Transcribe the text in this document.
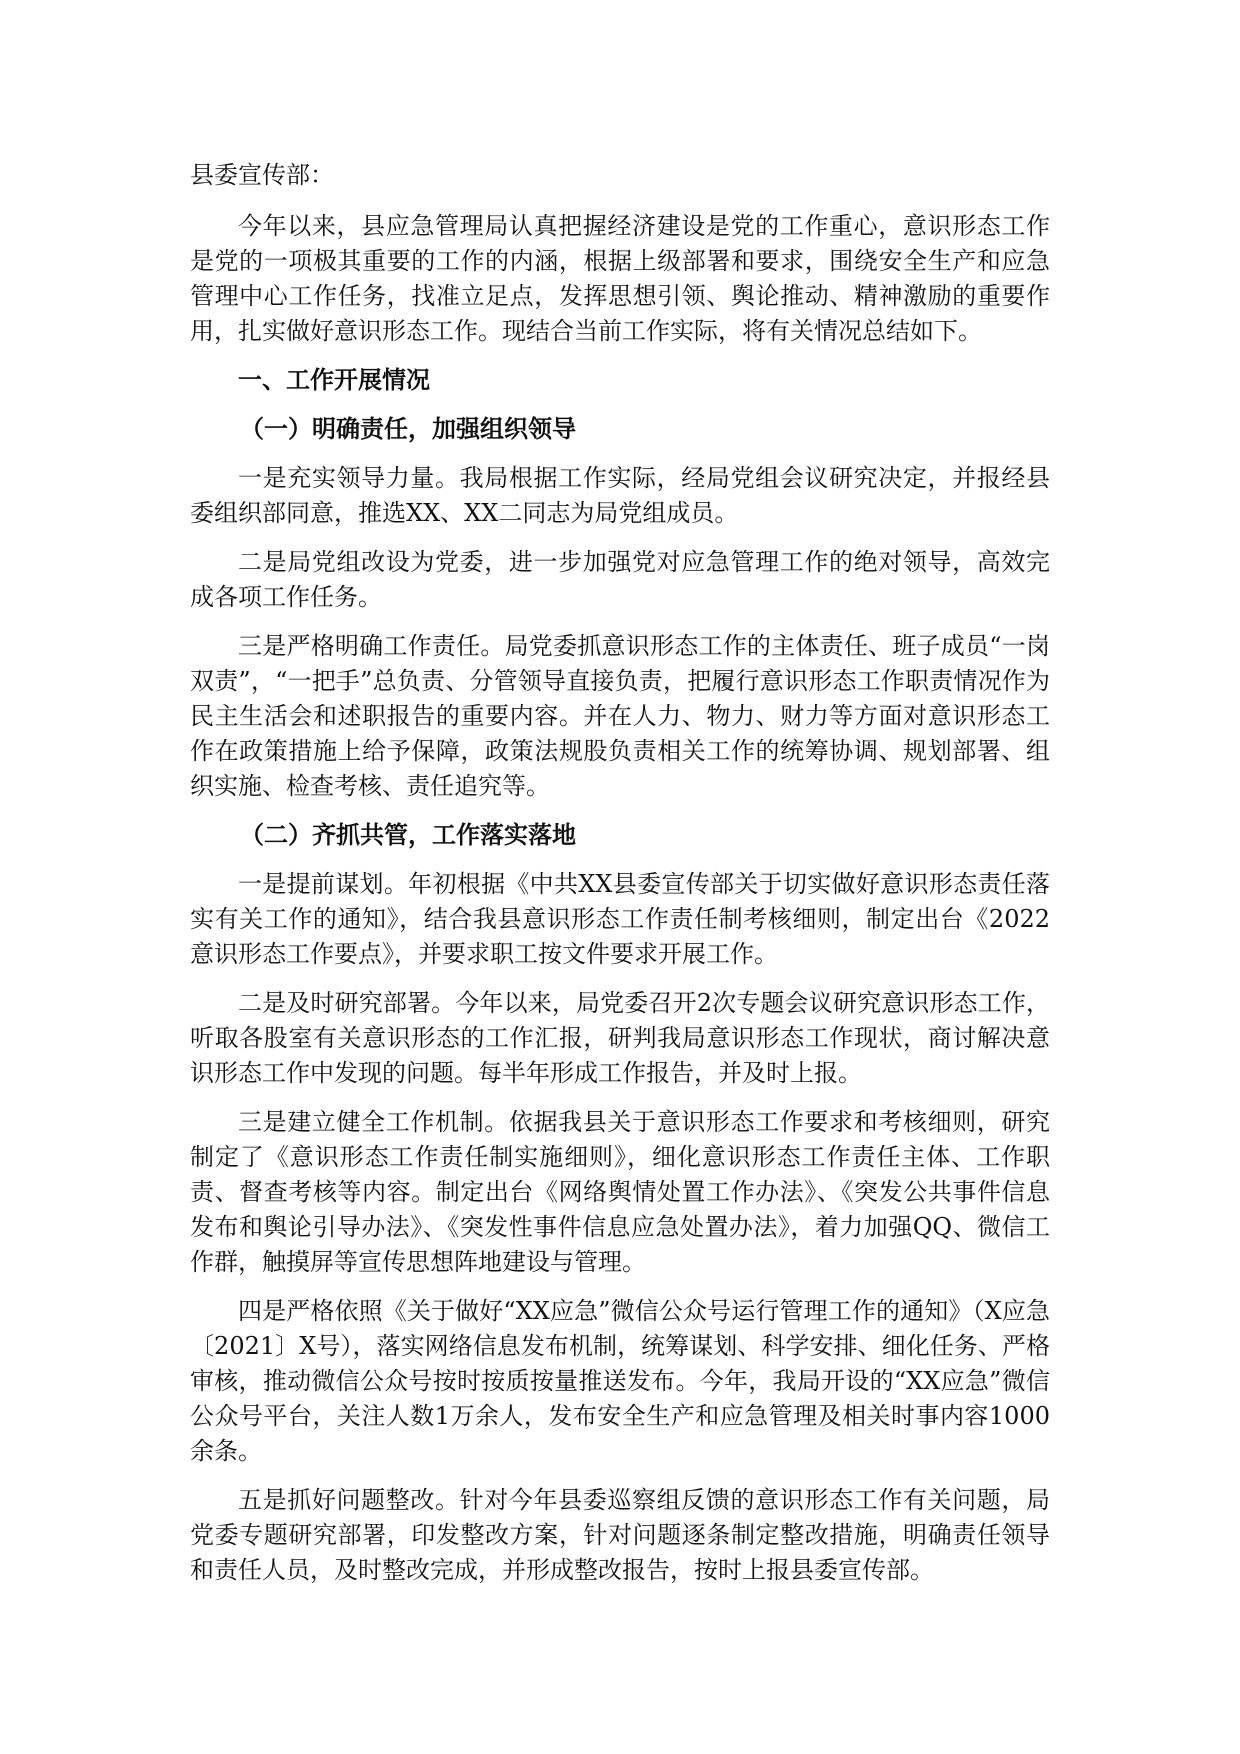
县委宣传部：

今年以来，县应急管理局认真把握经济建设是党的工作重心，意识形态工作是党的一项极其重要的工作的内涵，根据上级部署和要求，围绕安全生产和应急管理中心工作任务，找准立足点，发挥思想引领、舆论推动、精神激励的重要作用，扎实做好意识形态工作。现结合当前工作实际，将有关情况总结如下。

一、工作开展情况

（一）明确责任，加强组织领导

一是充实领导力量。我局根据工作实际，经局党组会议研究决定，并报经县委组织部同意，推选XX、XX二同志为局党组成员。

二是局党组改设为党委，进一步加强党对应急管理工作的绝对领导，高效完成各项工作任务。

三是严格明确工作责任。局党委抓意识形态工作的主体责任、班子成员“一岗双责”，“一把手”总负责、分管领导直接负责，把履行意识形态工作职责情况作为民主生活会和述职报告的重要内容。并在人力、物力、财力等方面对意识形态工作在政策措施上给予保障，政策法规股负责相关工作的统筹协调、规划部署、组织实施、检查考核、责任追究等。

（二）齐抓共管，工作落实落地

一是提前谋划。年初根据《中共XX县委宣传部关于切实做好意识形态责任落实有关工作的通知》，结合我县意识形态工作责任制考核细则，制定出台《2022意识形态工作要点》，并要求职工按文件要求开展工作。

二是及时研究部署。今年以来，局党委召开2次专题会议研究意识形态工作，听取各股室有关意识形态的工作汇报，研判我局意识形态工作现状，商讨解决意识形态工作中发现的问题。每半年形成工作报告，并及时上报。

三是建立健全工作机制。依据我县关于意识形态工作要求和考核细则，研究制定了《意识形态工作责任制实施细则》，细化意识形态工作责任主体、工作职责、督查考核等内容。制定出台《网络舆情处置工作办法》、《突发公共事件信息发布和舆论引导办法》、《突发性事件信息应急处置办法》，着力加强QQ、微信工作群，触摸屏等宣传思想阵地建设与管理。

四是严格依照《关于做好“XX应急”微信公众号运行管理工作的通知》（X应急〔2021〕X号），落实网络信息发布机制，统筹谋划、科学安排、细化任务、严格审核，推动微信公众号按时按质按量推送发布。今年，我局开设的“XX应急”微信公众号平台，关注人数1万余人，发布安全生产和应急管理及相关时事内容1000余条。

五是抓好问题整改。针对今年县委巡察组反馈的意识形态工作有关问题，局党委专题研究部署，印发整改方案，针对问题逐条制定整改措施，明确责任领导和责任人员，及时整改完成，并形成整改报告，按时上报县委宣传部。
